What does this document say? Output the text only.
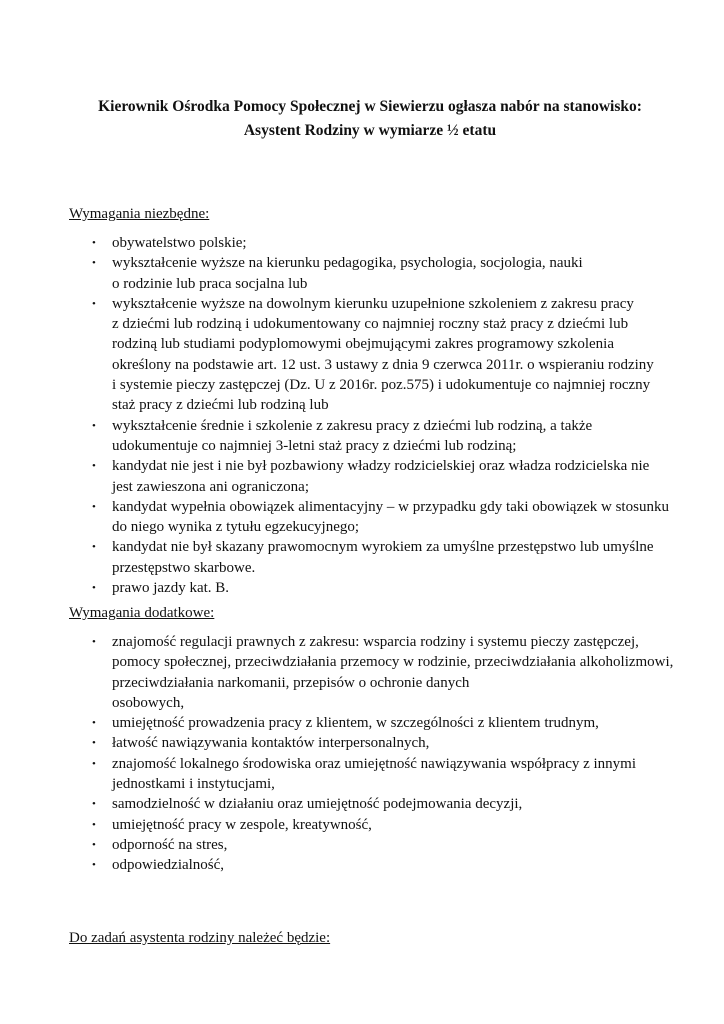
Kierownik Ośrodka Pomocy Społecznej w Siewierzu ogłasza nabór na stanowisko:
Asystent Rodziny w wymiarze ½ etatu
Wymagania niezbędne:
• obywatelstwo polskie;
• wykształcenie wyższe na kierunku pedagogika, psychologia, socjologia, nauki
o rodzinie lub praca socjalna lub
• wykształcenie wyższe na dowolnym kierunku uzupełnione szkoleniem z zakresu pracy
z dziećmi lub rodziną i udokumentowany co najmniej roczny staż pracy z dziećmi lub
rodziną lub studiami podyplomowymi obejmującymi zakres programowy szkolenia
określony na podstawie art. 12 ust. 3 ustawy z dnia 9 czerwca 2011r. o wspieraniu rodziny
i systemie pieczy zastępczej (Dz. U z 2016r. poz.575) i udokumentuje co najmniej roczny
staż pracy z dziećmi lub rodziną lub
• wykształcenie średnie i szkolenie z zakresu pracy z dziećmi lub rodziną, a także
udokumentuje co najmniej 3-letni staż pracy z dziećmi lub rodziną;
• kandydat nie jest i nie był pozbawiony władzy rodzicielskiej oraz władza rodzicielska nie
jest zawieszona ani ograniczona;
• kandydat wypełnia obowiązek alimentacyjny – w przypadku gdy taki obowiązek w stosunku
do niego wynika z tytułu egzekucyjnego;
• kandydat nie był skazany prawomocnym wyrokiem za umyślne przestępstwo lub umyślne
przestępstwo skarbowe.
• prawo jazdy kat. B.
Wymagania dodatkowe:
• znajomość regulacji prawnych z zakresu: wsparcia rodziny i systemu pieczy zastępczej,
pomocy społecznej, przeciwdziałania przemocy w rodzinie, przeciwdziałania alkoholizmowi,
przeciwdziałania narkomanii, przepisów o ochronie danych
osobowych,
• umiejętność prowadzenia pracy z klientem, w szczególności z klientem trudnym,
• łatwość nawiązywania kontaktów interpersonalnych,
• znajomość lokalnego środowiska oraz umiejętność nawiązywania współpracy z innymi
jednostkami i instytucjami,
• samodzielność w działaniu oraz umiejętność podejmowania decyzji,
• umiejętność pracy w zespole, kreatywność,
• odporność na stres,
• odpowiedzialność,
Do zadań asystenta rodziny należeć będzie:
